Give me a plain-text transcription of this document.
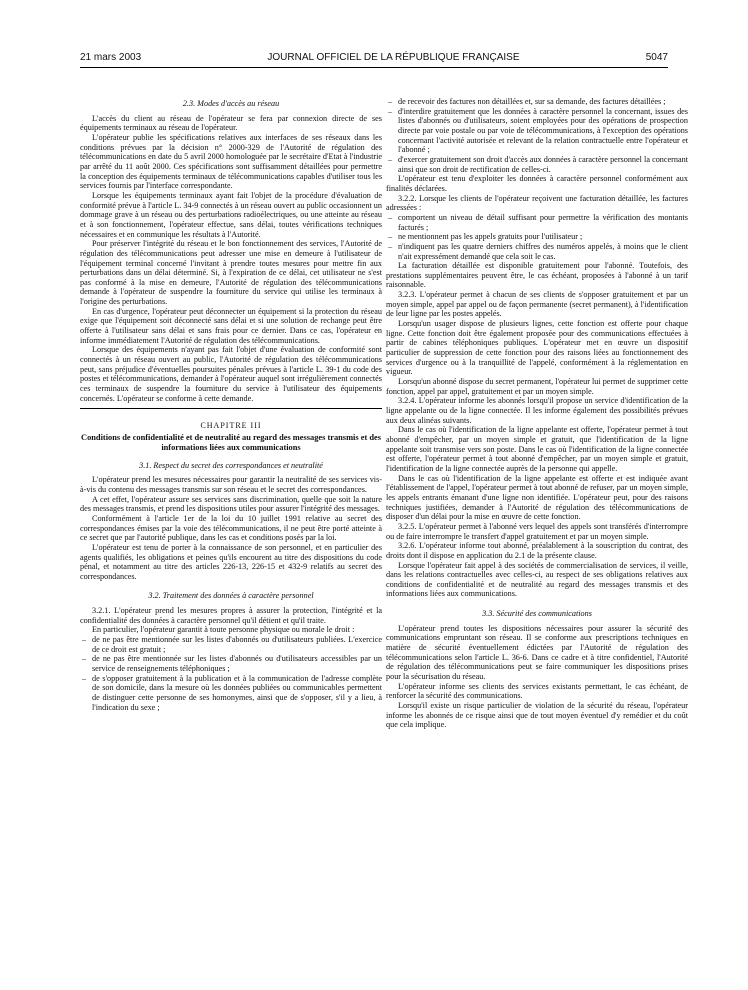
21 mars 2003	JOURNAL OFFICIEL DE LA RÉPUBLIQUE FRANÇAISE	5047
2.3. Modes d'accès au réseau

L'accès du client au réseau de l'opérateur se fera par connexion directe de ses équipements terminaux au réseau de l'opérateur.

L'opérateur publie les spécifications relatives aux interfaces de ses réseaux dans les conditions prévues par la décision n° 2000-329 de l'Autorité de régulation des télécommunications en date du 5 avril 2000 homologuée par le secrétaire d'Etat à l'industrie par arrêté du 11 août 2000. Ces spécifications sont suffisamment détaillées pour permettre la conception des équipements terminaux de télécommunications capables d'utiliser tous les services fournis par l'interface correspondante.

Lorsque les équipements terminaux ayant fait l'objet de la procédure d'évaluation de conformité prévue à l'article L. 34-9 connectés à un réseau ouvert au public occasionnent un dommage grave à un réseau ou des perturbations radioélectriques, ou une atteinte au réseau et à son fonctionnement, l'opérateur effectue, sans délai, toutes vérifications techniques nécessaires et en communique les résultats à l'Autorité.

Pour préserver l'intégrité du réseau et le bon fonctionnement des services, l'Autorité de régulation des télécommunications peut adresser une mise en demeure à l'utilisateur de l'équipement terminal concerné l'invitant à prendre toutes mesures pour mettre fin aux perturbations dans un délai déterminé. Si, à l'expiration de ce délai, cet utilisateur ne s'est pas conformé à la mise en demeure, l'Autorité de régulation des télécommunications demande à l'opérateur de suspendre la fourniture du service qui utilise les terminaux à l'origine des perturbations.

En cas d'urgence, l'opérateur peut déconnecter un équipement si la protection du réseau exige que l'équipement soit déconnecté sans délai et si une solution de rechange peut être offerte à l'utilisateur sans délai et sans frais pour ce dernier. Dans ce cas, l'opérateur en informe immédiatement l'Autorité de régulation des télécommunications.

Lorsque des équipements n'ayant pas fait l'objet d'une évaluation de conformité sont connectés à un réseau ouvert au public, l'Autorité de régulation des télécommunications peut, sans préjudice d'éventuelles poursuites pénales prévues à l'article L. 39-1 du code des postes et télécommunications, demander à l'opérateur auquel sont irrégulièrement connectés ces terminaux de suspendre la fourniture du service à l'utilisateur des équipements concernés. L'opérateur se conforme à cette demande.

CHAPITRE III
Conditions de confidentialité et de neutralité au regard des messages transmis et des informations liées aux communications
3.1. Respect du secret des correspondances et neutralité

L'opérateur prend les mesures nécessaires pour garantir la neutralité de ses services vis-à-vis du contenu des messages transmis sur son réseau et le secret des correspondances.

A cet effet, l'opérateur assure ses services sans discrimination, quelle que soit la nature des messages transmis, et prend les dispositions utiles pour assurer l'intégrité des messages.

Conformément à l'article 1er de la loi du 10 juillet 1991 relative au secret des correspondances émises par la voie des télécommunications, il ne peut être porté atteinte à ce secret que par l'autorité publique, dans les cas et conditions posés par la loi.

L'opérateur est tenu de porter à la connaissance de son personnel, et en particulier des agents qualifiés, les obligations et peines qu'ils encourent au titre des dispositions du code pénal, et notamment au titre des articles 226-13, 226-15 et 432-9 relatifs au secret des correspondances.

3.2. Traitement des données à caractère personnel

3.2.1. L'opérateur prend les mesures propres à assurer la protection, l'intégrité et la confidentialité des données à caractère personnel qu'il détient et qu'il traite.

En particulier, l'opérateur garantit à toute personne physique ou morale le droit :

– de ne pas être mentionnée sur les listes d'abonnés ou d'utilisateurs publiées. L'exercice de ce droit est gratuit ;
– de ne pas être mentionnée sur les listes d'abonnés ou d'utilisateurs accessibles par un service de renseignements téléphoniques ;
– de s'opposer gratuitement à la publication et à la communication de l'adresse complète de son domicile, dans la mesure où les données publiées ou communicables permettent de distinguer cette personne de ses homonymes, ainsi que de s'opposer, s'il y a lieu, à l'indication du sexe ;
– de recevoir des factures non détaillées et, sur sa demande, des factures détaillées ;
– d'interdire gratuitement que les données à caractère personnel la concernant, issues des listes d'abonnés ou d'utilisateurs, soient employées pour des opérations de prospection directe par voie postale ou par voie de télécommunications, à l'exception des opérations concernant l'activité autorisée et relevant de la relation contractuelle entre l'opérateur et l'abonné ;
– d'exercer gratuitement son droit d'accès aux données à caractère personnel la concernant ainsi que son droit de rectification de celles-ci.

L'opérateur est tenu d'exploiter les données à caractère personnel conformément aux finalités déclarées.

3.2.2. Lorsque les clients de l'opérateur reçoivent une facturation détaillée, les factures adressées :

– comportent un niveau de détail suffisant pour permettre la vérification des montants facturés ;
– ne mentionnent pas les appels gratuits pour l'utilisateur ;
– n'indiquent pas les quatre derniers chiffres des numéros appelés, à moins que le client n'ait expressément demandé que cela soit le cas.

La facturation détaillée est disponible gratuitement pour l'abonné. Toutefois, des prestations supplémentaires peuvent être, le cas échéant, proposées à l'abonné à un tarif raisonnable.

3.2.3. L'opérateur permet à chacun de ses clients de s'opposer gratuitement et par un moyen simple, appel par appel ou de façon permanente (secret permanent), à l'identification de leur ligne par les postes appelés.

Lorsqu'un usager dispose de plusieurs lignes, cette fonction est offerte pour chaque ligne. Cette fonction doit être également proposée pour des communications effectuées à partir de cabines téléphoniques publiques. L'opérateur met en œuvre un dispositif particulier de suppression de cette fonction pour des raisons liées au fonctionnement des services d'urgence ou à la tranquillité de l'appelé, conformément à la réglementation en vigueur.

Lorsqu'un abonné dispose du secret permanent, l'opérateur lui permet de supprimer cette fonction, appel par appel, gratuitement et par un moyen simple.

3.2.4. L'opérateur informe les abonnés lorsqu'il propose un service d'identification de la ligne appelante ou de la ligne connectée. Il les informe également des possibilités prévues aux deux alinéas suivants.

Dans le cas où l'identification de la ligne appelante est offerte, l'opérateur permet à tout abonné d'empêcher, par un moyen simple et gratuit, que l'identification de la ligne appelante soit transmise vers son poste. Dans le cas où l'identification de la ligne connectée est offerte, l'opérateur permet à tout abonné d'empêcher, par un moyen simple et gratuit, l'identification de la ligne connectée auprès de la personne qui appelle.

Dans le cas où l'identification de la ligne appelante est offerte et est indiquée avant l'établissement de l'appel, l'opérateur permet à tout abonné de refuser, par un moyen simple, les appels entrants émanant d'une ligne non identifiée. L'opérateur peut, pour des raisons techniques justifiées, demander à l'Autorité de régulation des télécommunications de disposer d'un délai pour la mise en œuvre de cette fonction.

3.2.5. L'opérateur permet à l'abonné vers lequel des appels sont transférés d'interrompre ou de faire interrompre le transfert d'appel gratuitement et par un moyen simple.

3.2.6. L'opérateur informe tout abonné, préalablement à la souscription du contrat, des droits dont il dispose en application du 2.1 de la présente clause.

Lorsque l'opérateur fait appel à des sociétés de commercialisation de services, il veille, dans les relations contractuelles avec celles-ci, au respect de ses obligations relatives aux conditions de confidentialité et de neutralité au regard des messages transmis et des informations liées aux communications.

3.3. Sécurité des communications

L'opérateur prend toutes les dispositions nécessaires pour assurer la sécurité des communications empruntant son réseau. Il se conforme aux prescriptions techniques en matière de sécurité éventuellement édictées par l'Autorité de régulation des télécommunications selon l'article L. 36-6. Dans ce cadre et à titre confidentiel, l'Autorité de régulation des télécommunications peut se faire communiquer les dispositions prises pour la sécurisation du réseau.

L'opérateur informe ses clients des services existants permettant, le cas échéant, de renforcer la sécurité des communications.

Lorsqu'il existe un risque particulier de violation de la sécurité du réseau, l'opérateur informe les abonnés de ce risque ainsi que de tout moyen éventuel d'y remédier et du coût que cela implique.
